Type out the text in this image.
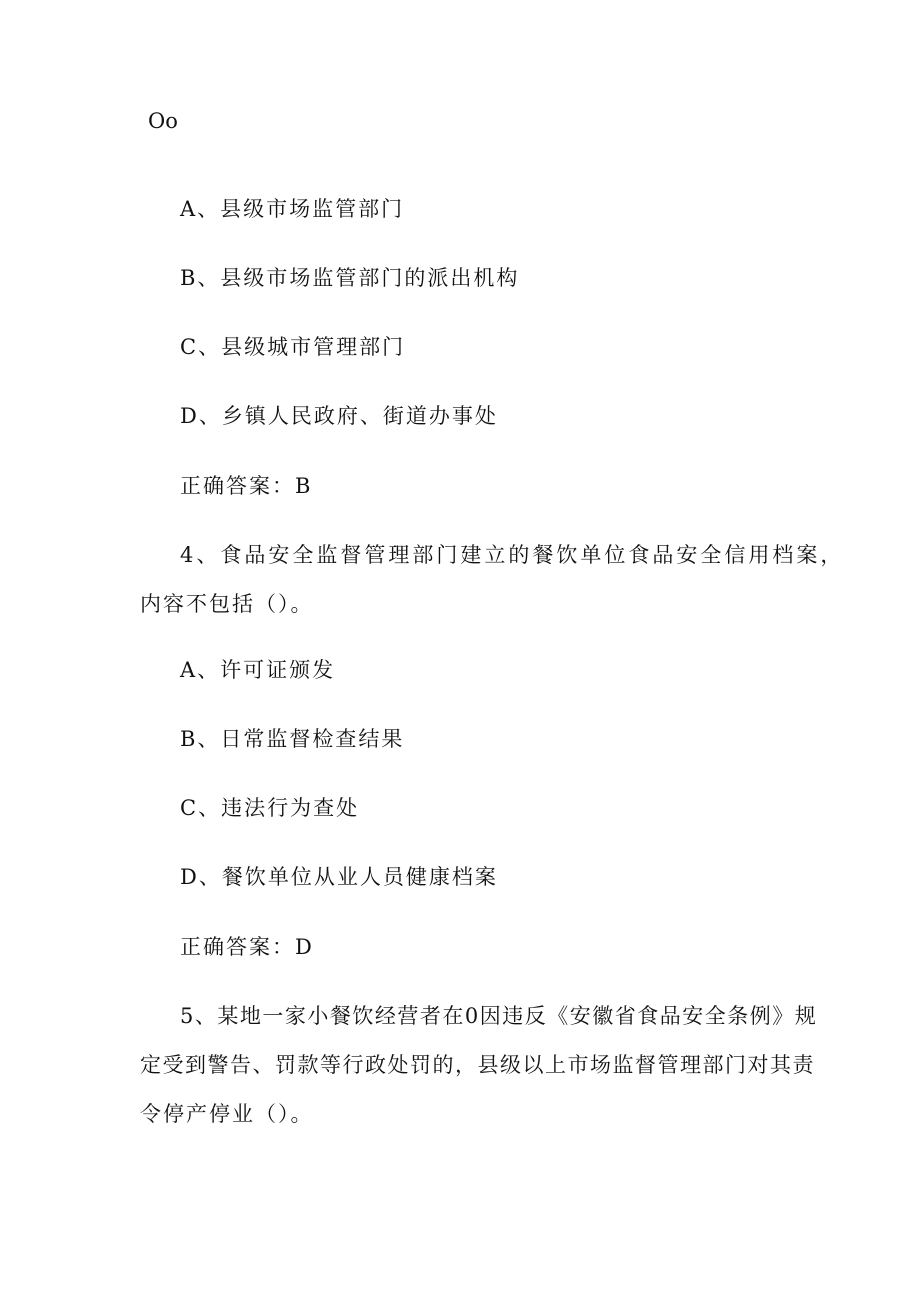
Oo

A、县级市场监管部门

B、县级市场监管部门的派出机构

C、县级城市管理部门

D、乡镇人民政府、街道办事处

正确答案：B

4、食品安全监督管理部门建立的餐饮单位食品安全信用档案，

内容不包括（）。

A、许可证颁发

B、日常监督检查结果

C、违法行为查处

D、餐饮单位从业人员健康档案

正确答案：D

5、某地一家小餐饮经营者在0因违反《安徽省食品安全条例》规

定受到警告、罚款等行政处罚的，县级以上市场监督管理部门对其责

令停产停业（）。
